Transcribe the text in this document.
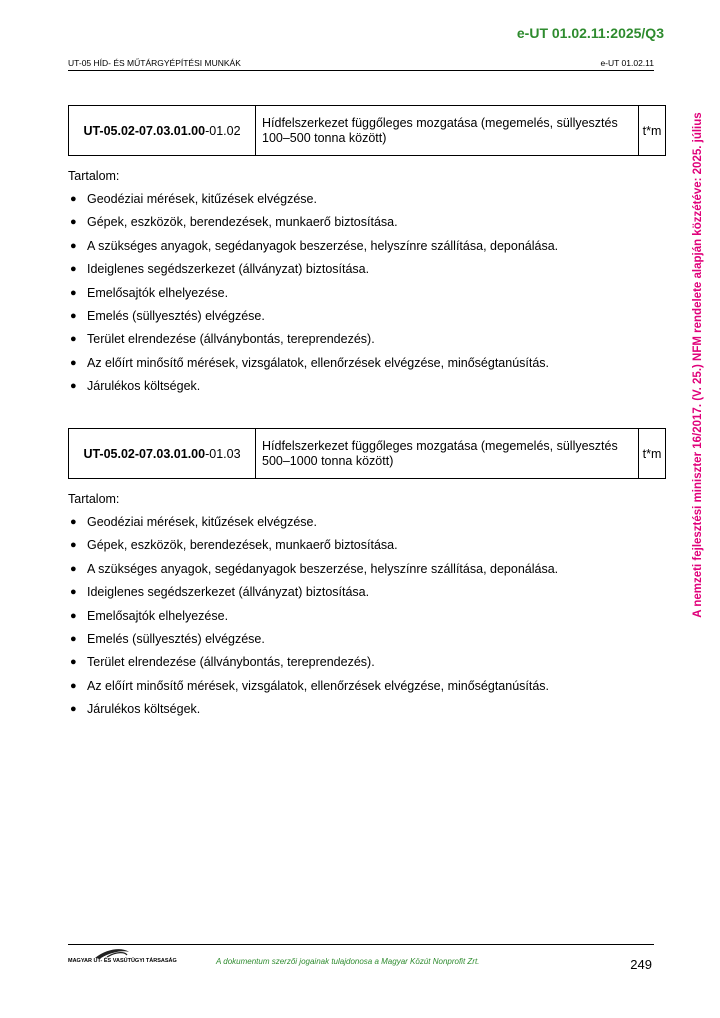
e-UT 01.02.11:2025/Q3
UT-05 HÍD- ÉS MŰTÁRGYÉPÍTÉSI MUNKÁK	e-UT 01.02.11
A nemzeti fejlesztési miniszter 16/2017. (V. 25.) NFM rendelete alapján közzétéve: 2025. július
UT-05.02-07.03.01.00-01.02	Hídfelszerkezet függőleges mozgatása (megemelés, süllyesztés 100–500 tonna között)	t*m
Tartalom:
● Geodéziai mérések, kitűzések elvégzése.
● Gépek, eszközök, berendezések, munkaerő biztosítása.
● A szükséges anyagok, segédanyagok beszerzése, helyszínre szállítása, deponálása.
● Ideiglenes segédszerkezet (állványzat) biztosítása.
● Emelősajtók elhelyezése.
● Emelés (süllyesztés) elvégzése.
● Terület elrendezése (állványbontás, tereprendezés).
● Az előírt minősítő mérések, vizsgálatok, ellenőrzések elvégzése, minőségtanúsítás.
● Járulékos költségek.
UT-05.02-07.03.01.00-01.03	Hídfelszerkezet függőleges mozgatása (megemelés, süllyesztés 500–1000 tonna között)	t*m
Tartalom:
● Geodéziai mérések, kitűzések elvégzése.
● Gépek, eszközök, berendezések, munkaerő biztosítása.
● A szükséges anyagok, segédanyagok beszerzése, helyszínre szállítása, deponálása.
● Ideiglenes segédszerkezet (állványzat) biztosítása.
● Emelősajtók elhelyezése.
● Emelés (süllyesztés) elvégzése.
● Terület elrendezése (állványbontás, tereprendezés).
● Az előírt minősítő mérések, vizsgálatok, ellenőrzések elvégzése, minőségtanúsítás.
● Járulékos költségek.
MAGYAR UT- ÉS VASÚTÜGYI TÁRSASÁG	A dokumentum szerzői jogainak tulajdonosa a Magyar Közút Nonprofit Zrt.	249
